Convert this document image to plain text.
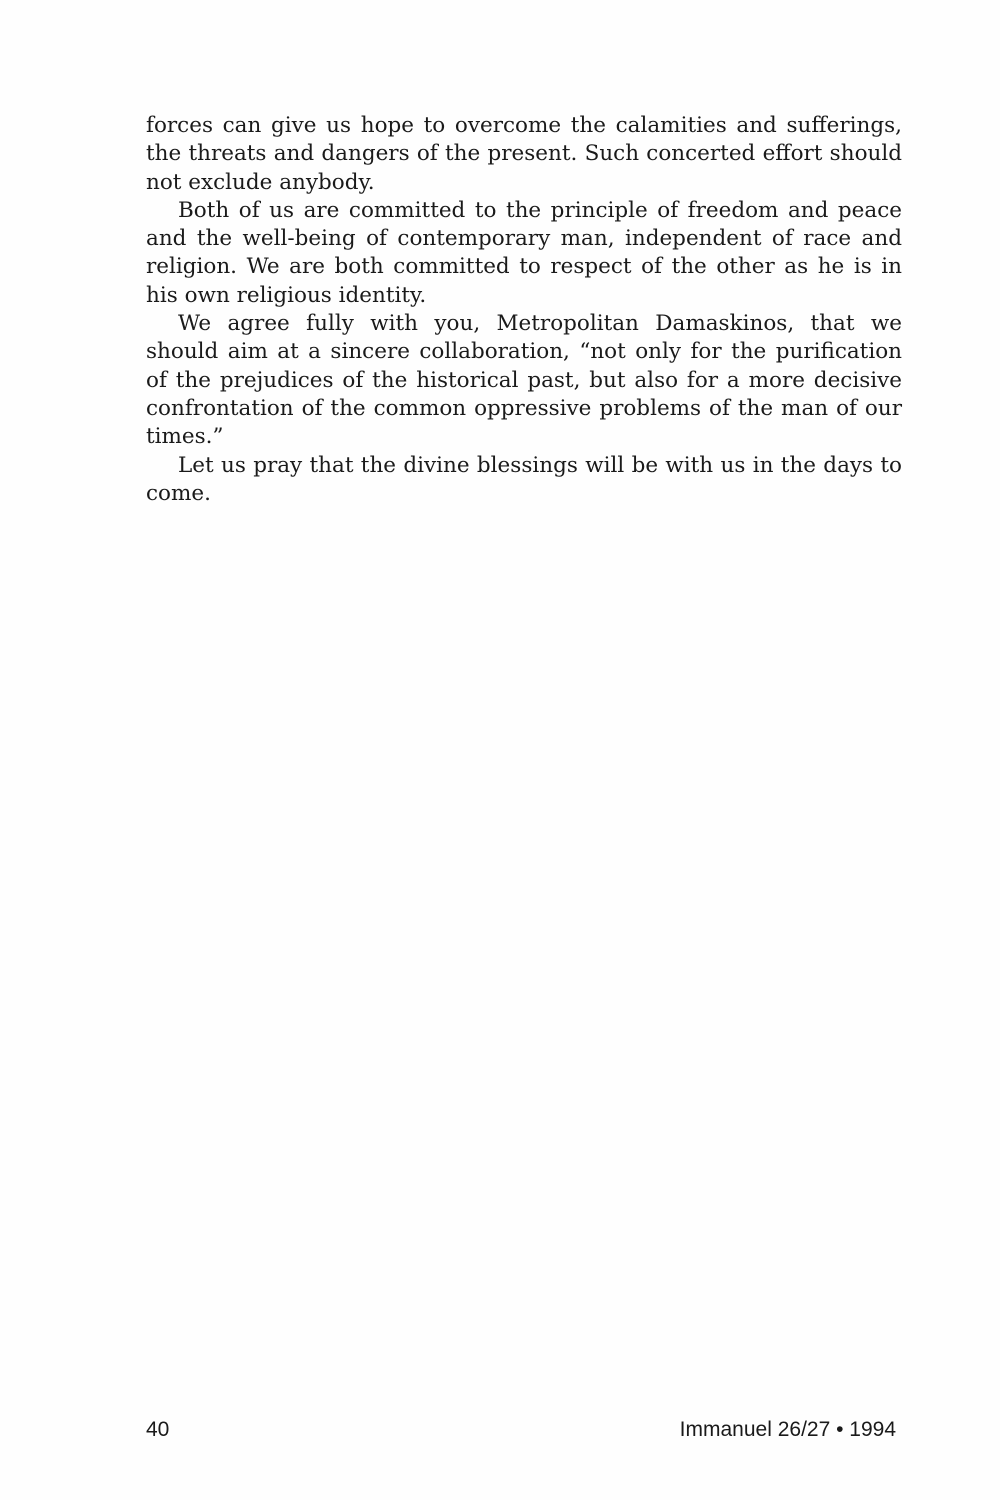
forces can give us hope to overcome the calamities and sufferings, the threats and dangers of the present. Such concerted effort should not exclude anybody.

Both of us are committed to the principle of freedom and peace and the well-being of contemporary man, independent of race and religion. We are both committed to respect of the other as he is in his own religious identity.

We agree fully with you, Metropolitan Damaskinos, that we should aim at a sincere collaboration, “not only for the purification of the prejudices of the historical past, but also for a more decisive confrontation of the common oppressive problems of the man of our times.”

Let us pray that the divine blessings will be with us in the days to come.

40	Immanuel 26/27 • 1994
